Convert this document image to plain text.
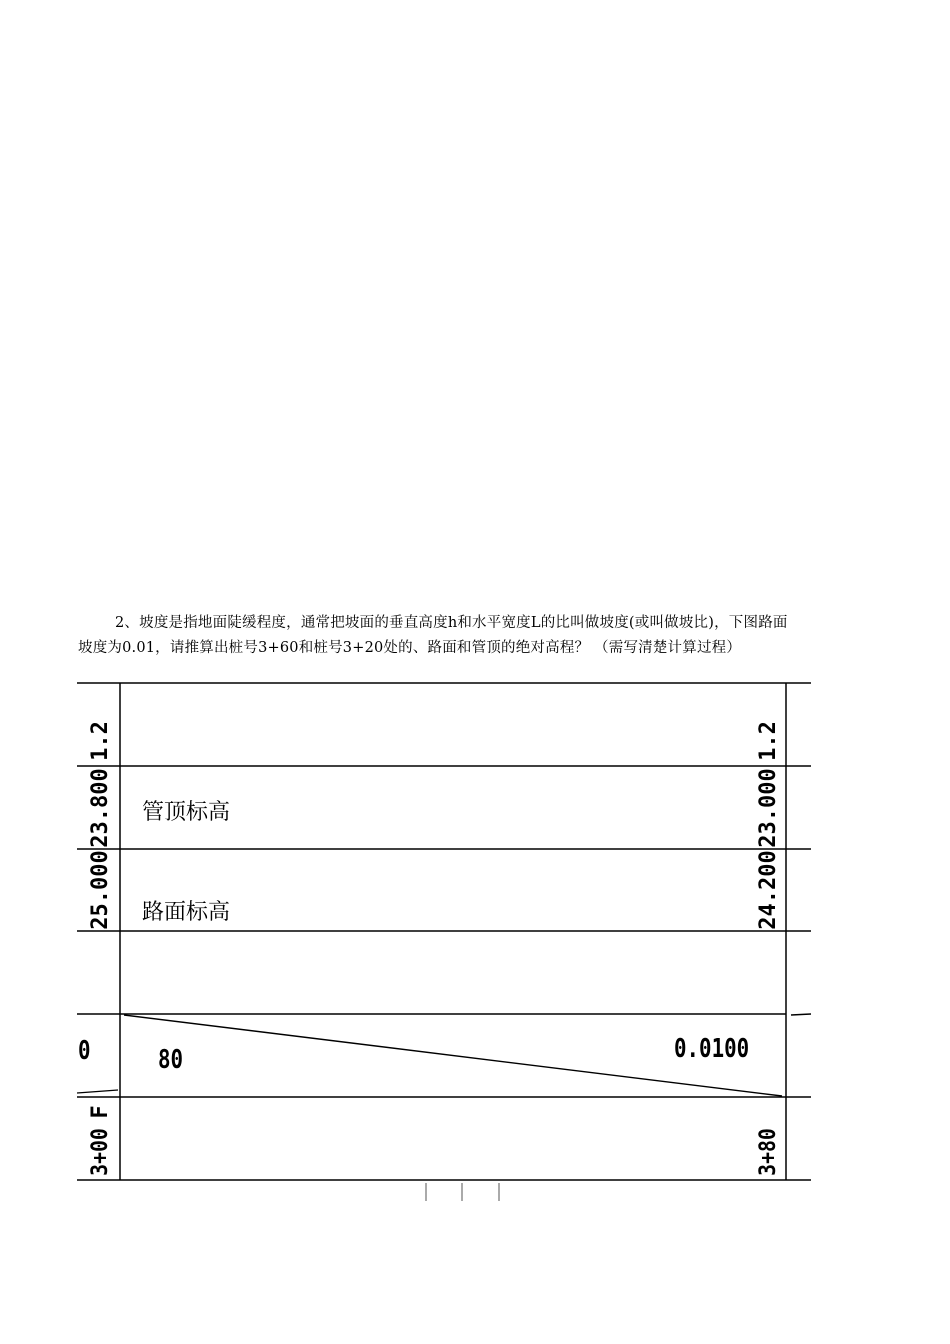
2、坡度是指地面陡缓程度，通常把坡面的垂直高度h和水平宽度L的比叫做坡度(或叫做坡比)，下图路面

坡度为0.01，请推算出桩号3+60和桩号3+20处的、路面和管顶的绝对高程？ （需写清楚计算过程）

1.2
23.800
25.000
F
3+00
1.2
23.000
24.200
3+80
管顶标高
路面标高
0	80	0.0100
